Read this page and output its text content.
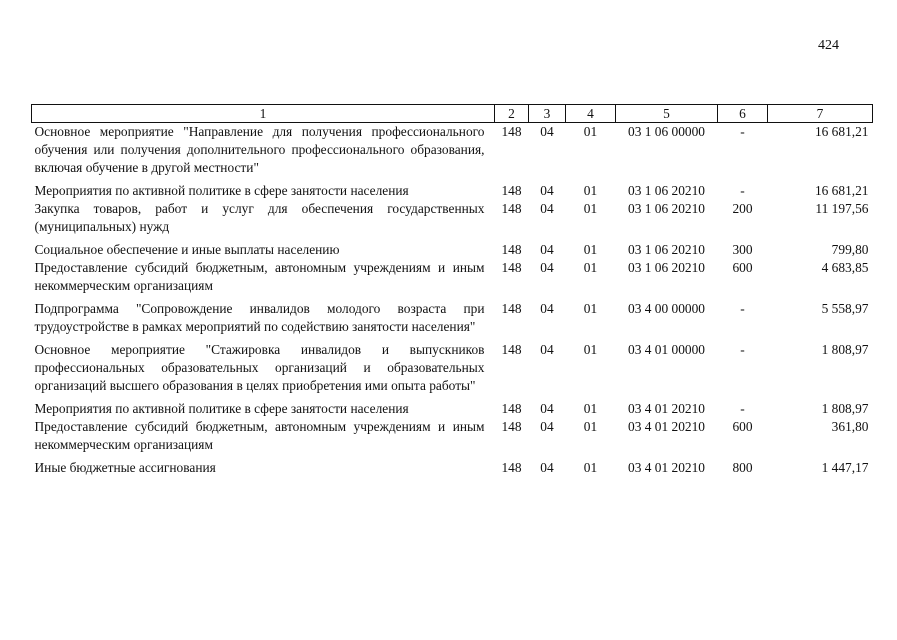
424
1	2	3	4	5	6	7
Основное мероприятие "Направление для получения профессионального обучения или получения дополнительного профессионального образования, включая обучение в другой местности"	148	04	01	03 1 06 00000	-	16 681,21
Мероприятия по активной политике в сфере занятости населения	148	04	01	03 1 06 20210	-	16 681,21
Закупка товаров, работ и услуг для обеспечения государственных (муниципальных) нужд	148	04	01	03 1 06 20210	200	11 197,56
Социальное обеспечение и иные выплаты населению	148	04	01	03 1 06 20210	300	799,80
Предоставление субсидий бюджетным, автономным учреждениям и иным некоммерческим организациям	148	04	01	03 1 06 20210	600	4 683,85
Подпрограмма "Сопровождение инвалидов молодого возраста при трудоустройстве в рамках мероприятий по содействию занятости населения"	148	04	01	03 4 00 00000	-	5 558,97
Основное мероприятие "Стажировка инвалидов и выпускников профессиональных образовательных организаций и образовательных организаций высшего образования в целях приобретения ими опыта работы"	148	04	01	03 4 01 00000	-	1 808,97
Мероприятия по активной политике в сфере занятости населения	148	04	01	03 4 01 20210	-	1 808,97
Предоставление субсидий бюджетным, автономным учреждениям и иным некоммерческим организациям	148	04	01	03 4 01 20210	600	361,80
Иные бюджетные ассигнования	148	04	01	03 4 01 20210	800	1 447,17
